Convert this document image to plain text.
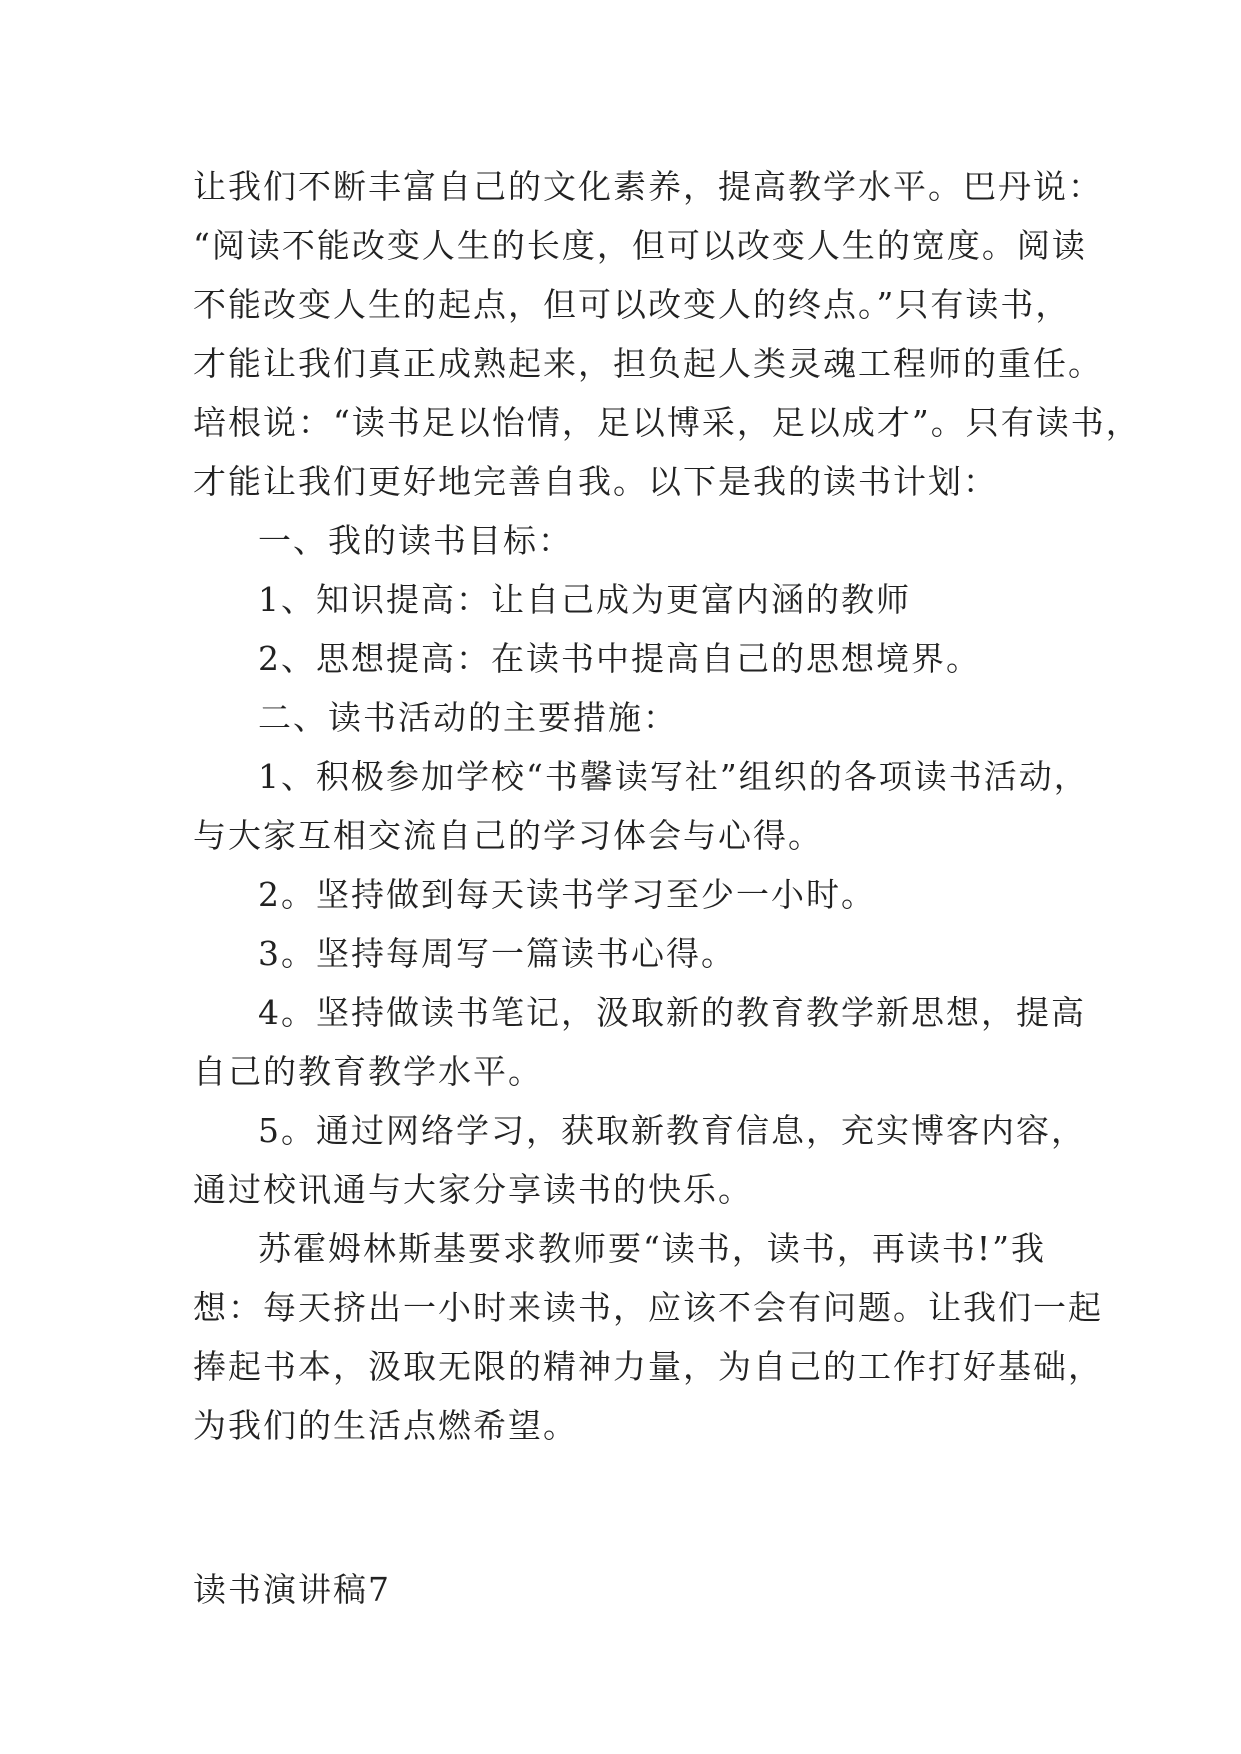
让我们不断丰富自己的文化素养，提高教学水平。巴丹说：
“阅读不能改变人生的长度，但可以改变人生的宽度。阅读
不能改变人生的起点，但可以改变人的终点。”只有读书，
才能让我们真正成熟起来，担负起人类灵魂工程师的重任。
培根说：“读书足以怡情，足以博采，足以成才”。只有读书，
才能让我们更好地完善自我。以下是我的读书计划：
一、我的读书目标：
1、知识提高：让自己成为更富内涵的教师
2、思想提高：在读书中提高自己的思想境界。
二、读书活动的主要措施：
1、积极参加学校“书馨读写社”组织的各项读书活动，
与大家互相交流自己的学习体会与心得。
2。坚持做到每天读书学习至少一小时。
3。坚持每周写一篇读书心得。
4。坚持做读书笔记，汲取新的教育教学新思想，提高
自己的教育教学水平。
5。通过网络学习，获取新教育信息，充实博客内容，
通过校讯通与大家分享读书的快乐。
苏霍姆林斯基要求教师要“读书，读书，再读书!”我
想：每天挤出一小时来读书，应该不会有问题。让我们一起
捧起书本，汲取无限的精神力量，为自己的工作打好基础，
为我们的生活点燃希望。
读书演讲稿7
